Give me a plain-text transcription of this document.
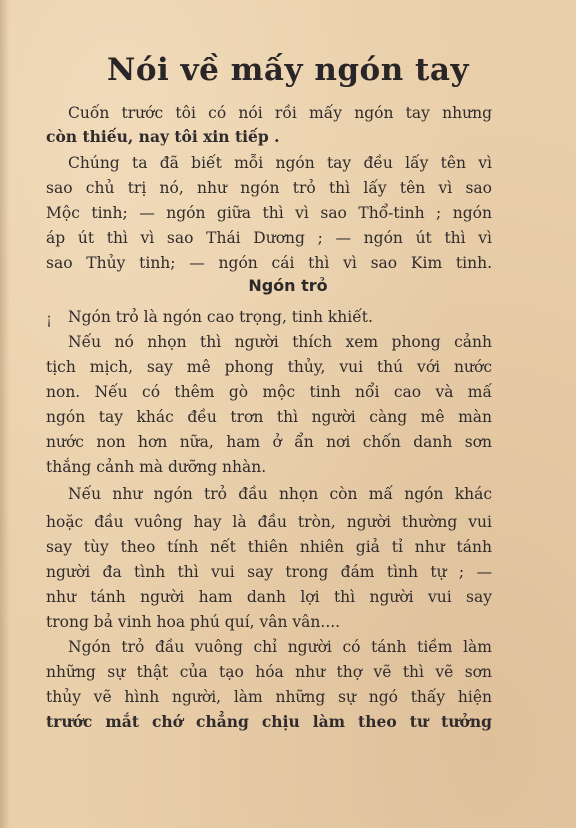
Nói về mấy ngón tay
Cuốn trước tôi có nói rồi mấy ngón tay nhưng
còn thiếu, nay tôi xin tiếp .
Chúng ta đã biết mỗi ngón tay đều lấy tên vì
sao chủ trị nó, như ngón trỏ thì lấy tên vì sao
Mộc tinh; — ngón giữa thì vì sao Thổ-tinh ; ngón
áp út thì vì sao Thái Dương ; — ngón út thì vì
sao Thủy tinh; — ngón cái thì vì sao Kim tinh.
Ngón trỏ
¡ Ngón trỏ là ngón cao trọng, tinh khiết.
Nếu nó nhọn thì người thích xem phong cảnh
tịch mịch, say mê phong thủy, vui thú với nước
non. Nếu có thêm gò mộc tinh nổi cao và mấ
ngón tay khác đều trơn thì người càng mê màn
nước non hơn nữa, ham ở ẩn nơi chốn danh sơn
thắng cảnh mà dưỡng nhàn.
Nếu như ngón trỏ đầu nhọn còn mấ ngón khác
hoặc đầu vuông hay là đầu tròn, người thường vui
say tùy theo tính nết thiên nhiên giả tỉ như tánh
người đa tình thì vui say trong đám tình tự ; —
như tánh người ham danh lợi thì người vui say
trong bả vinh hoa phú quí, vân vân....
Ngón trỏ đầu vuông chỉ người có tánh tiềm làm
những sự thật của tạo hóa như thợ vẽ thì vẽ sơn
thủy vẽ hình người, làm những sự ngó thấy hiện
trước mắt chớ chẳng chịu làm theo tư tưởng
